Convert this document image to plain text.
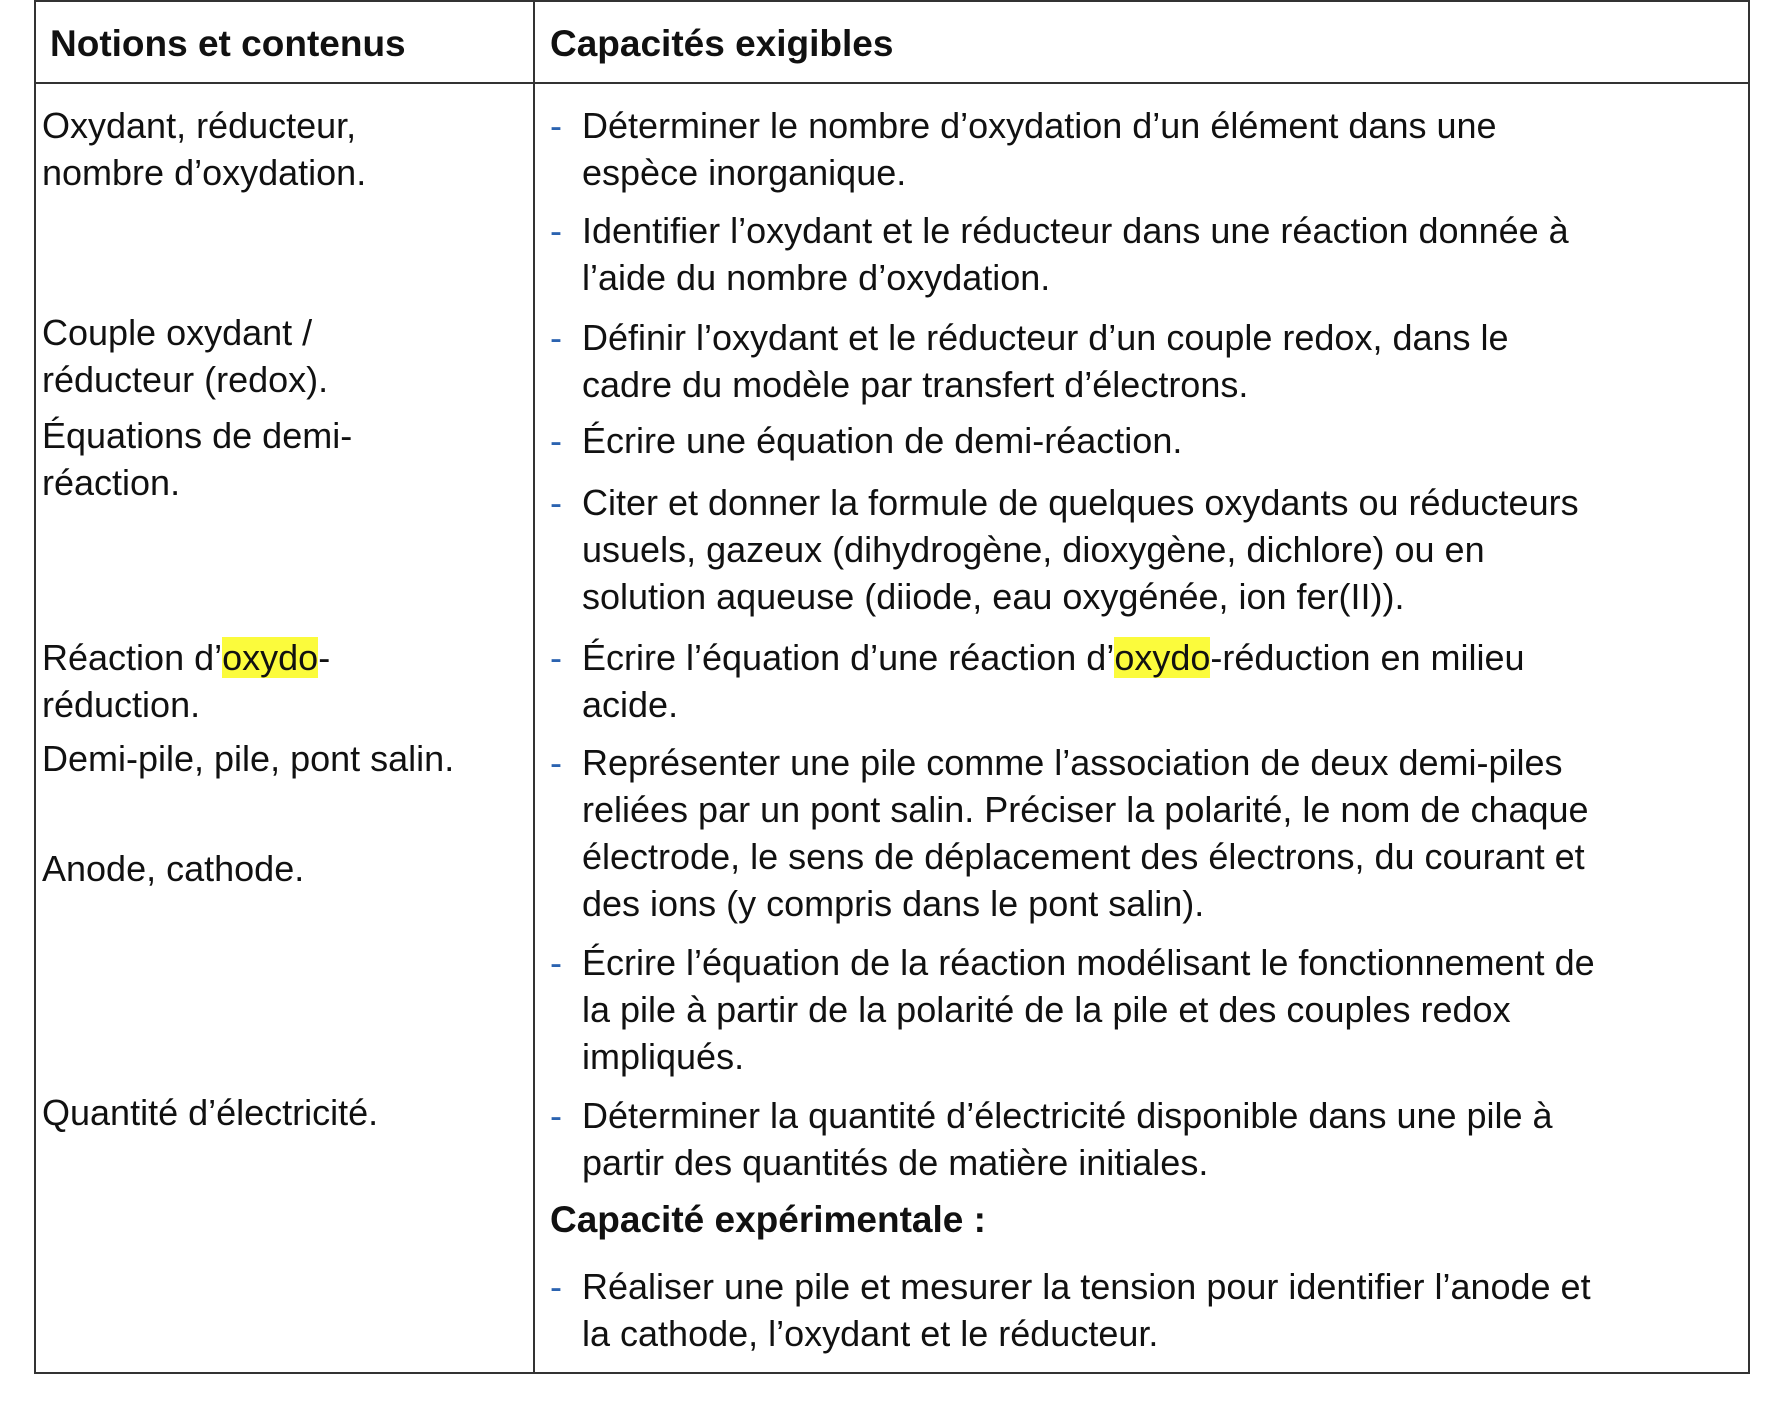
Notions et contenus	Capacités exigibles
Oxydant, réducteur,
nombre d’oxydation.
Couple oxydant /
réducteur (redox).
Équations de demi-
réaction.
Réaction d’oxydo-
réduction.
Demi-pile, pile, pont salin.
Anode, cathode.
Quantité d’électricité.
- Déterminer le nombre d’oxydation d’un élément dans une
espèce inorganique.
- Identifier l’oxydant et le réducteur dans une réaction donnée à
l’aide du nombre d’oxydation.
- Définir l’oxydant et le réducteur d’un couple redox, dans le
cadre du modèle par transfert d’électrons.
- Écrire une équation de demi-réaction.
- Citer et donner la formule de quelques oxydants ou réducteurs
usuels, gazeux (dihydrogène, dioxygène, dichlore) ou en
solution aqueuse (diiode, eau oxygénée, ion fer(II)).
- Écrire l’équation d’une réaction d’oxydo-réduction en milieu
acide.
- Représenter une pile comme l’association de deux demi-piles
reliées par un pont salin. Préciser la polarité, le nom de chaque
électrode, le sens de déplacement des électrons, du courant et
des ions (y compris dans le pont salin).
- Écrire l’équation de la réaction modélisant le fonctionnement de
la pile à partir de la polarité de la pile et des couples redox
impliqués.
- Déterminer la quantité d’électricité disponible dans une pile à
partir des quantités de matière initiales.
Capacité expérimentale :
- Réaliser une pile et mesurer la tension pour identifier l’anode et
la cathode, l’oxydant et le réducteur.
